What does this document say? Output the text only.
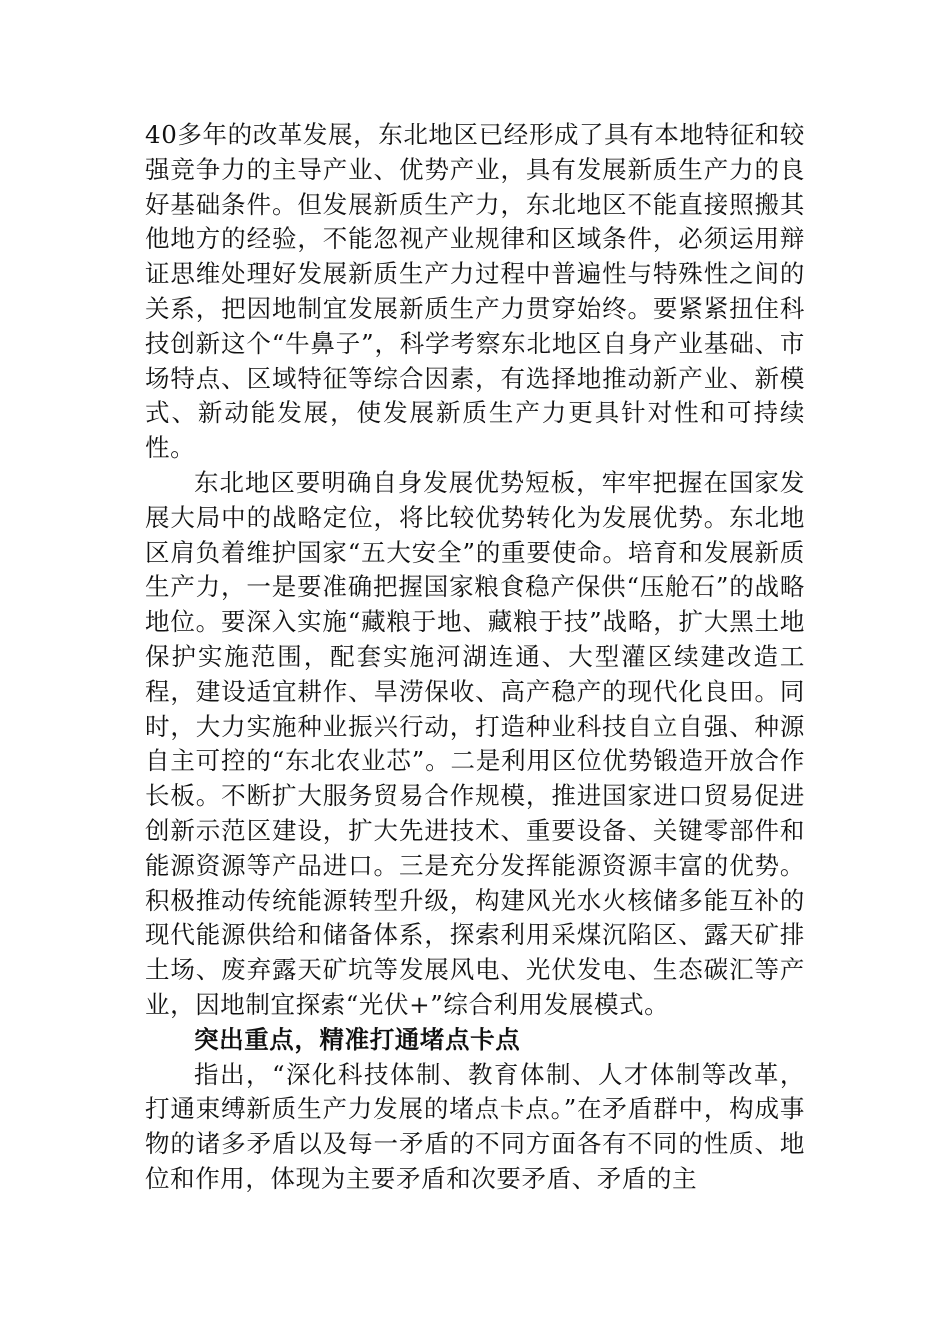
40多年的改革发展，东北地区已经形成了具有本地特征和较强竞争力的主导产业、优势产业，具有发展新质生产力的良好基础条件。但发展新质生产力，东北地区不能直接照搬其他地方的经验，不能忽视产业规律和区域条件，必须运用辩证思维处理好发展新质生产力过程中普遍性与特殊性之间的关系，把因地制宜发展新质生产力贯穿始终。要紧紧扭住科技创新这个“牛鼻子”，科学考察东北地区自身产业基础、市场特点、区域特征等综合因素，有选择地推动新产业、新模式、新动能发展，使发展新质生产力更具针对性和可持续性。

东北地区要明确自身发展优势短板，牢牢把握在国家发展大局中的战略定位，将比较优势转化为发展优势。东北地区肩负着维护国家“五大安全”的重要使命。培育和发展新质生产力，一是要准确把握国家粮食稳产保供“压舱石”的战略地位。要深入实施“藏粮于地、藏粮于技”战略，扩大黑土地保护实施范围，配套实施河湖连通、大型灌区续建改造工程，建设适宜耕作、旱涝保收、高产稳产的现代化良田。同时，大力实施种业振兴行动，打造种业科技自立自强、种源自主可控的“东北农业芯”。二是利用区位优势锻造开放合作长板。不断扩大服务贸易合作规模，推进国家进口贸易促进创新示范区建设，扩大先进技术、重要设备、关键零部件和能源资源等产品进口。三是充分发挥能源资源丰富的优势。积极推动传统能源转型升级，构建风光水火核储多能互补的现代能源供给和储备体系，探索利用采煤沉陷区、露天矿排土场、废弃露天矿坑等发展风电、光伏发电、生态碳汇等产业，因地制宜探索“光伏+”综合利用发展模式。

突出重点，精准打通堵点卡点

指出，“深化科技体制、教育体制、人才体制等改革，打通束缚新质生产力发展的堵点卡点。”在矛盾群中，构成事物的诸多矛盾以及每一矛盾的不同方面各有不同的性质、地位和作用，体现为主要矛盾和次要矛盾、矛盾的主
